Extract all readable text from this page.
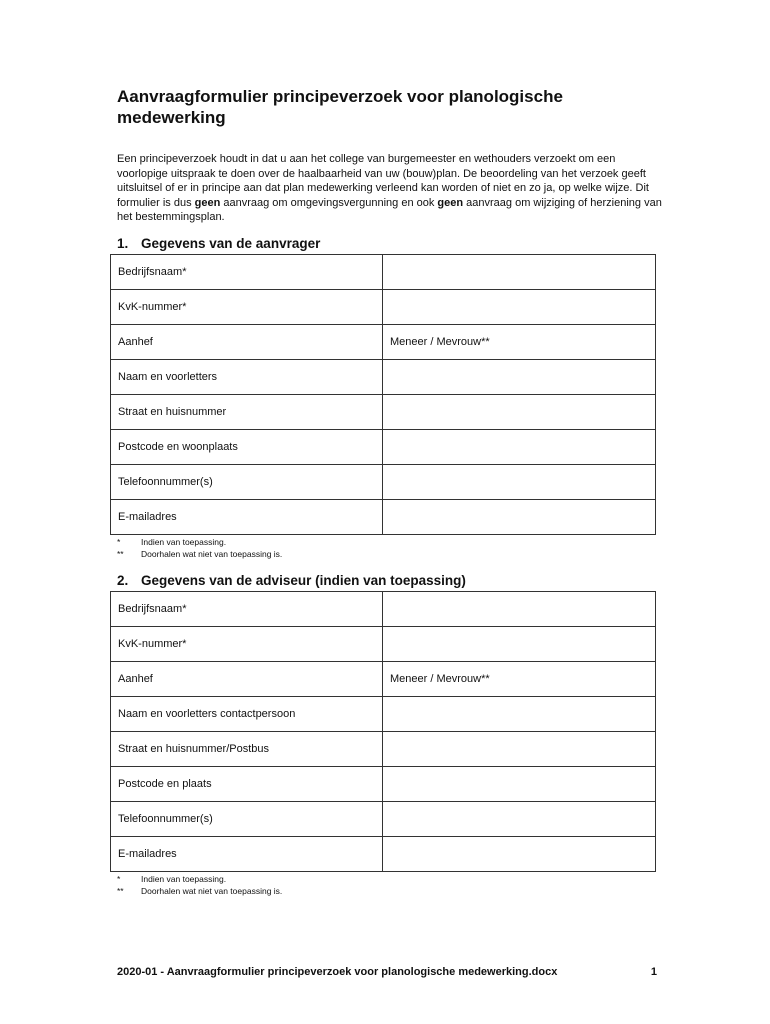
Aanvraagformulier principeverzoek voor planologische medewerking

Een principeverzoek houdt in dat u aan het college van burgemeester en wethouders verzoekt om een voorlopige uitspraak te doen over de haalbaarheid van uw (bouw)plan. De beoordeling van het verzoek geeft uitsluitsel of er in principe aan dat plan medewerking verleend kan worden of niet en zo ja, op welke wijze. Dit formulier is dus geen aanvraag om omgevingsvergunning en ook geen aanvraag om wijziging of herziening van het bestemmingsplan.

1. Gegevens van de aanvrager
Bedrijfsnaam*	
KvK-nummer*	
Aanhef	Meneer / Mevrouw**
Naam en voorletters	
Straat en huisnummer	
Postcode en woonplaats	
Telefoonnummer(s)	
E-mailadres	
*	Indien van toepassing.
**	Doorhalen wat niet van toepassing is.
2. Gegevens van de adviseur (indien van toepassing)
Bedrijfsnaam*	
KvK-nummer*	
Aanhef	Meneer / Mevrouw**
Naam en voorletters contactpersoon	
Straat en huisnummer/Postbus	
Postcode en plaats	
Telefoonnummer(s)	
E-mailadres	
*	Indien van toepassing.
**	Doorhalen wat niet van toepassing is.
2020-01 - Aanvraagformulier principeverzoek voor planologische medewerking.docx	1
